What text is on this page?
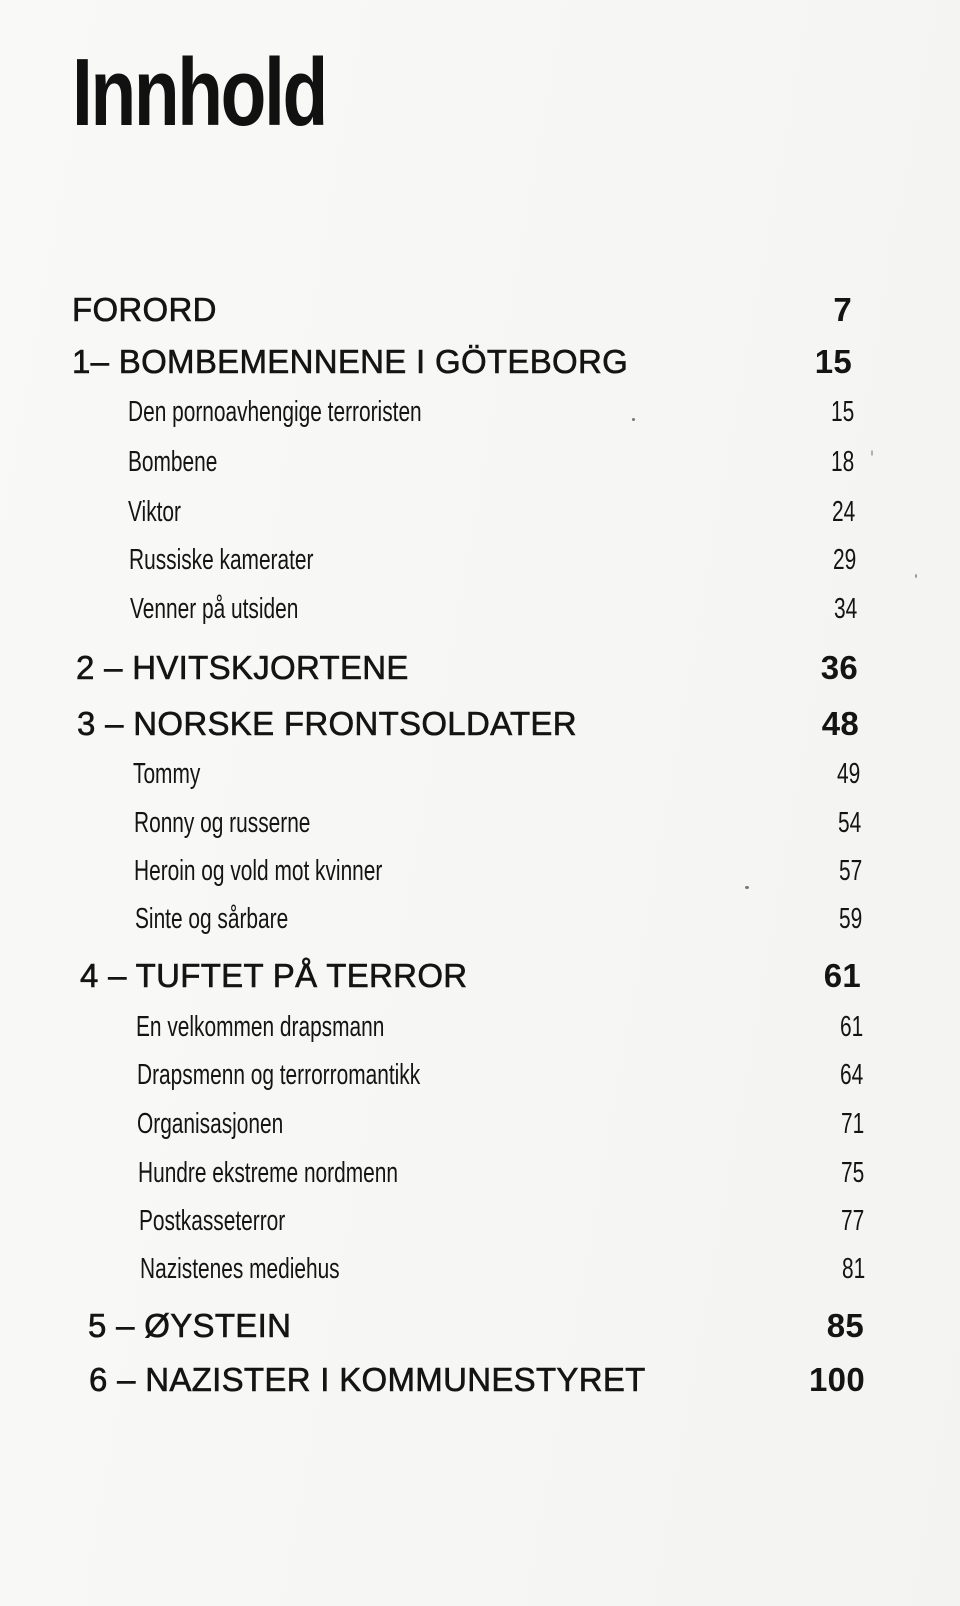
Innhold
FORORD	7
1– BOMBEMENNENE I GÖTEBORG	15
Den pornoavhengige terroristen	15
Bombene	18
Viktor	24
Russiske kamerater	29
Venner på utsiden	34
2 – HVITSKJORTENE	36
3 – NORSKE FRONTSOLDATER	48
Tommy	49
Ronny og russerne	54
Heroin og vold mot kvinner	57
Sinte og sårbare	59
4 – TUFTET PÅ TERROR	61
En velkommen drapsmann	61
Drapsmenn og terrorromantikk	64
Organisasjonen	71
Hundre ekstreme nordmenn	75
Postkasseterror	77
Nazistenes mediehus	81
5 – ØYSTEIN	85
6 – NAZISTER I KOMMUNESTYRET	100
